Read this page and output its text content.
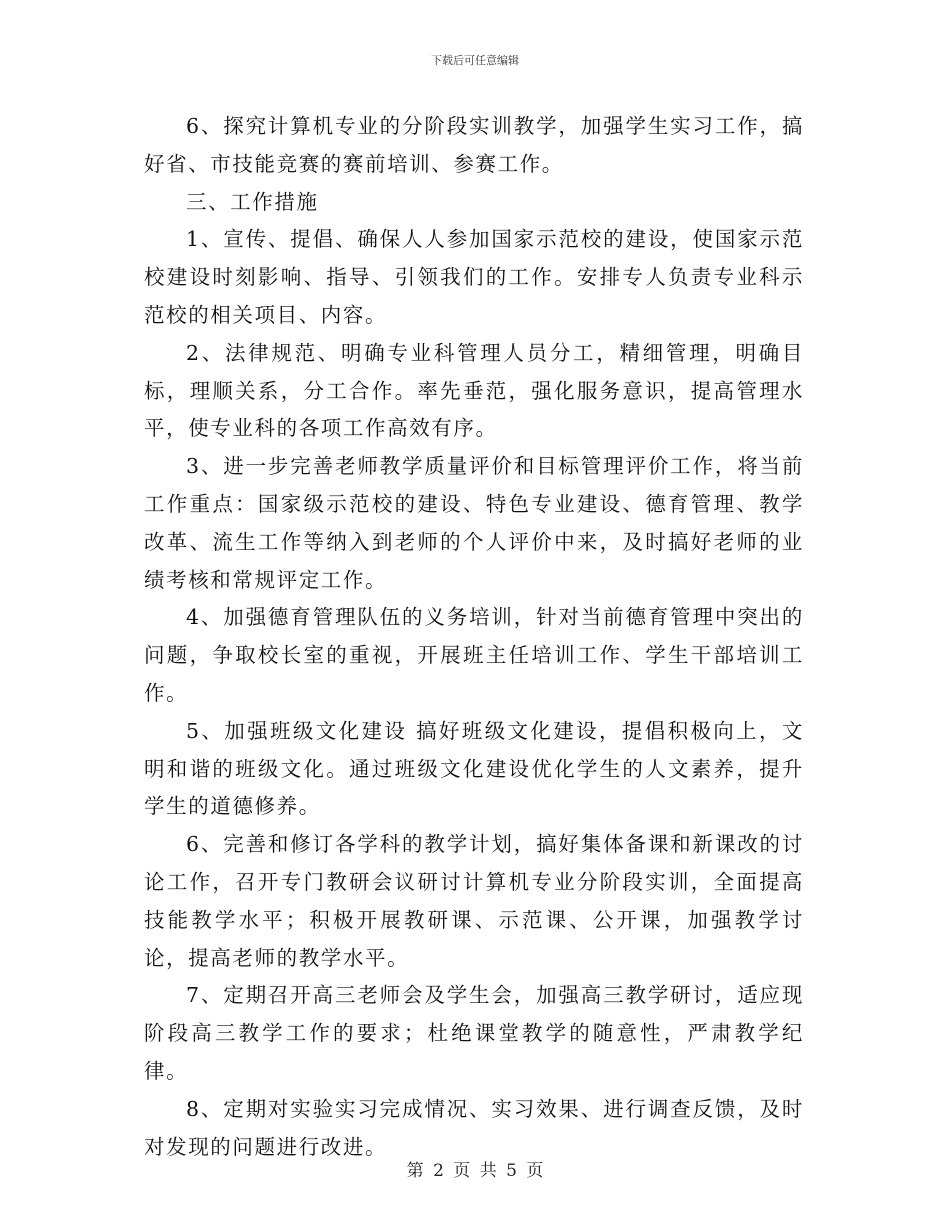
下载后可任意编辑

6、探究计算机专业的分阶段实训教学，加强学生实习工作，搞好省、市技能竞赛的赛前培训、参赛工作。

三、工作措施

1、宣传、提倡、确保人人参加国家示范校的建设，使国家示范校建设时刻影响、指导、引领我们的工作。安排专人负责专业科示范校的相关项目、内容。

2、法律规范、明确专业科管理人员分工，精细管理，明确目标，理顺关系，分工合作。率先垂范，强化服务意识，提高管理水平，使专业科的各项工作高效有序。

3、进一步完善老师教学质量评价和目标管理评价工作，将当前工作重点：国家级示范校的建设、特色专业建设、德育管理、教学改革、流生工作等纳入到老师的个人评价中来，及时搞好老师的业绩考核和常规评定工作。

4、加强德育管理队伍的义务培训，针对当前德育管理中突出的问题，争取校长室的重视，开展班主任培训工作、学生干部培训工作。

5、加强班级文化建设 搞好班级文化建设，提倡积极向上，文明和谐的班级文化。通过班级文化建设优化学生的人文素养，提升学生的道德修养。

6、完善和修订各学科的教学计划，搞好集体备课和新课改的讨论工作，召开专门教研会议研讨计算机专业分阶段实训，全面提高技能教学水平；积极开展教研课、示范课、公开课，加强教学讨论，提高老师的教学水平。

7、定期召开高三老师会及学生会，加强高三教学研讨，适应现阶段高三教学工作的要求；杜绝课堂教学的随意性，严肃教学纪律。

8、定期对实验实习完成情况、实习效果、进行调查反馈，及时对发现的问题进行改进。

第 2 页 共 5 页
